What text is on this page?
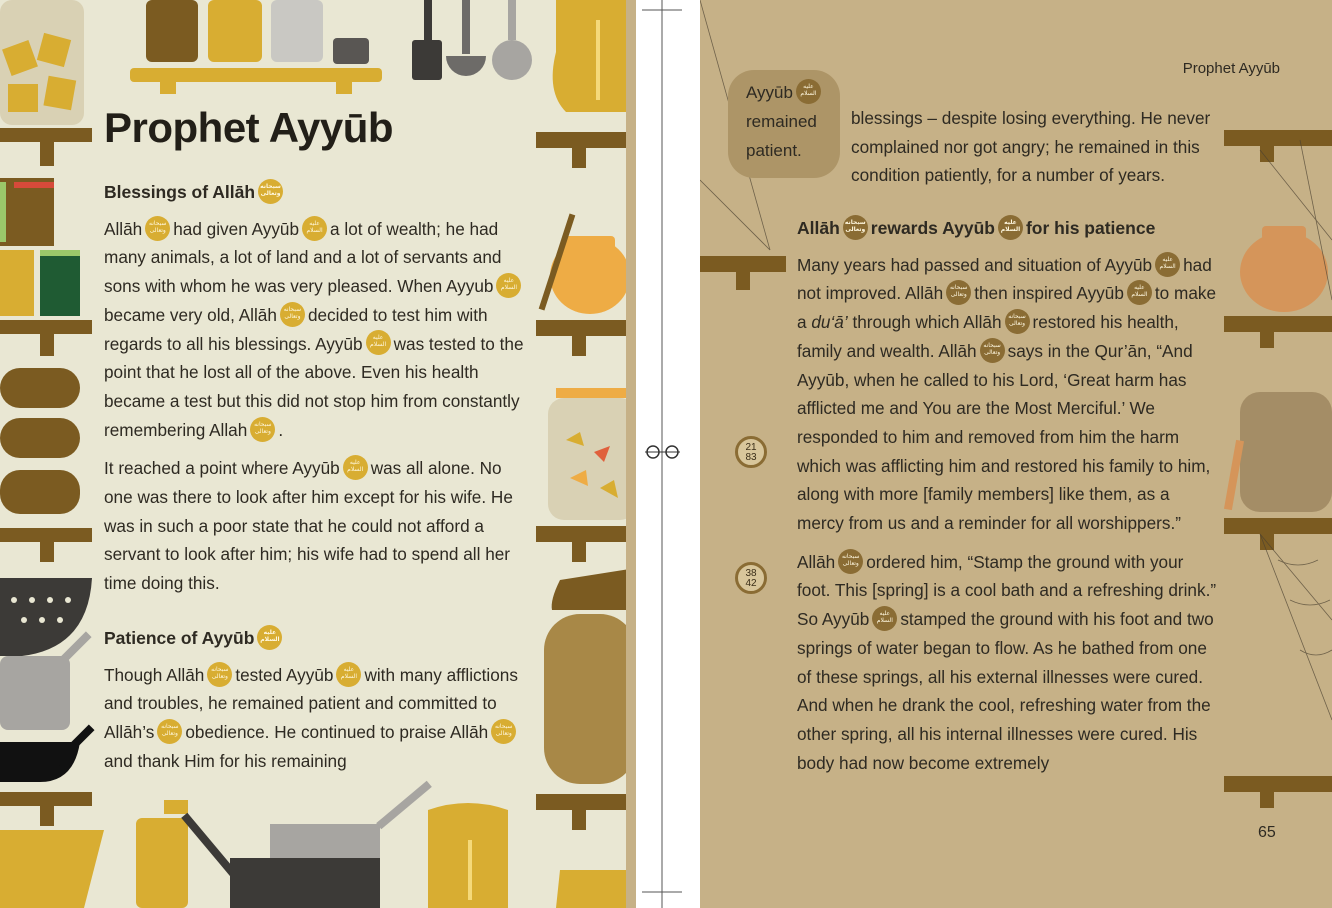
Prophet Ayyūb
Blessings of Allāh سبحانه وتعالى

Allāh	سبحانه وتعالى had given Ayyūb	عليه السلام a lot of wealth; he had many animals, a lot of land and a lot of servants and sons with whom he was very pleased. When Ayyub	عليه السلام
became very old, Allāh	سبحانه وتعالى decided to test him with regards to all his blessings. Ayyūb	عليه السلام was tested to the point that he lost all of the above. Even his health became a test but this did not stop him from constantly remembering Allah	سبحانه وتعالى .

It reached a point where Ayyūb	عليه السلام was all alone. No one was there to look after him except for his wife. He was in such a poor state that he could not afford a servant to look after him; his wife had to spend all her time doing this.

Patience of Ayyūb	عليه السلام

Though Allāh	سبحانه وتعالى tested Ayyūb	عليه السلام with many afflictions and troubles, he remained patient and committed to Allāh’s	سبحانه وتعالى obedience. He continued to praise Allāh	سبحانه وتعالى
and thank Him for his remaining

Prophet Ayyūb
65
Ayyūb	عليه السلام

remained patient.

blessings – despite losing everything. He never complained nor got angry; he remained in this condition patiently, for a number of years.

Allāh سبحانه وتعالى rewards Ayyūb	عليه السلام for his patience

Many years had passed and situation of Ayyūb	عليه السلام had not improved. Allāh	سبحانه وتعالى then inspired Ayyūb	عليه السلام to make a du‘ā’ through which Allāh	سبحانه وتعالى restored his health, family and wealth. Allāh	سبحانه وتعالى says in the Qur’ān, “And Ayyūb, when he called to his Lord, ‘Great harm has afflicted me and You are the Most Merciful.’ We responded to him and removed from him the harm which was afflicting him and restored his family to him, along with more [family members] like them, as a mercy from us and a reminder for all worshippers.”

Allāh	سبحانه وتعالى ordered him, “Stamp the ground with your foot. This [spring] is a cool bath and a refreshing drink.” So Ayyūb	عليه السلام stamped the ground with his foot and two springs of water began to flow. As he bathed from one of these springs, all his external illnesses were cured. And when he drank the cool, refreshing water from the other spring, all his internal illnesses were cured. His body had now become extremely

21
83
38
42
